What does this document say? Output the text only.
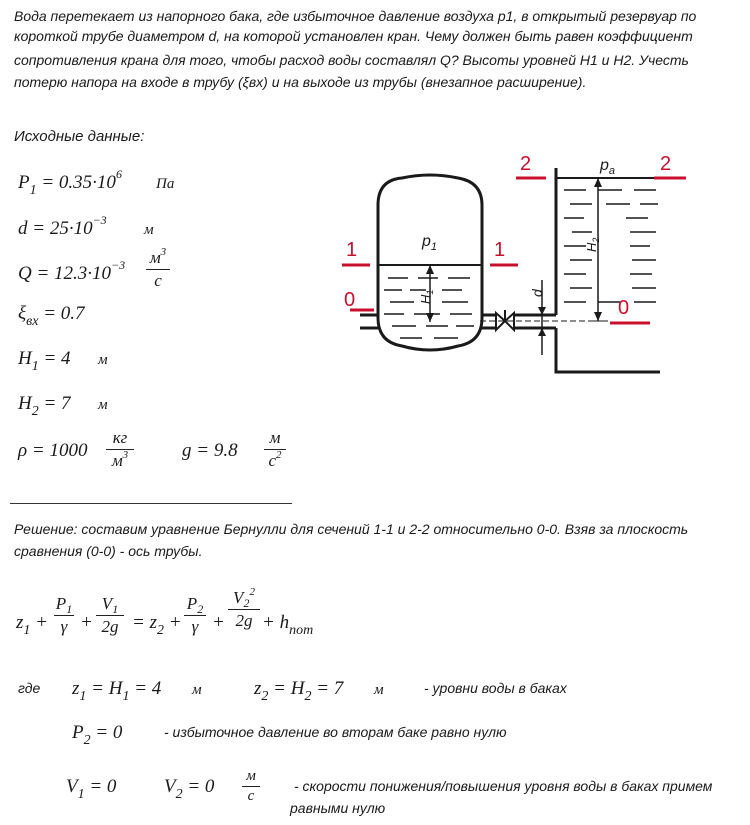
Вода перетекает из напорного бака, где избыточное давление воздуха р1, в открытый резервуар по
короткой трубе диаметром d, на которой установлен кран. Чему должен быть равен коэффициент
сопротивления крана для того, чтобы расход воды составлял Q? Высоты уровней Н1 и Н2. Учесть
потерю напора на входе в трубу (ξвх) и на выходе из трубы (внезапное расширение).
Исходные данные:
$P_1 = 0.35\cdot 10^6$
Па
$d = 25\cdot 10^{-3}$
м
$Q = 12.3\cdot 10^{-3}$ $м^3$
с
$\xi_{вх} = 0.7$
$H_1 = 4$ м
$H_2 = 7$ м
ρ = 1000
кг
$м^3$	g = 9.8
м
$с^2$
$H_1$
$p_1$
d
$H_2$
$p_a$
1	1
0	0
2	2
Решение: составим уравнение Бернулли для сечений 1-1 и 2-2 относительно 0-0. Взяв за плоскость
сравнения (0-0) - ось трубы.
$z_1$ +
$P_1$
γ +
$V_1$
$2g = z_2$ +
$P_2$
γ +
$V_2^2$
$2g + h_{пот}$
где $z_1 = H_1 = 4$ м	$z_2 = H_2 = 7$ м	- уровни воды в баках
$P_2 = 0$	- избыточное давление во вторам баке равно нулю
$V_1 = 0$	$V_2 = 0$ м
с
- скорости понижения/повышения уровня воды в баках примем
равными нулю
